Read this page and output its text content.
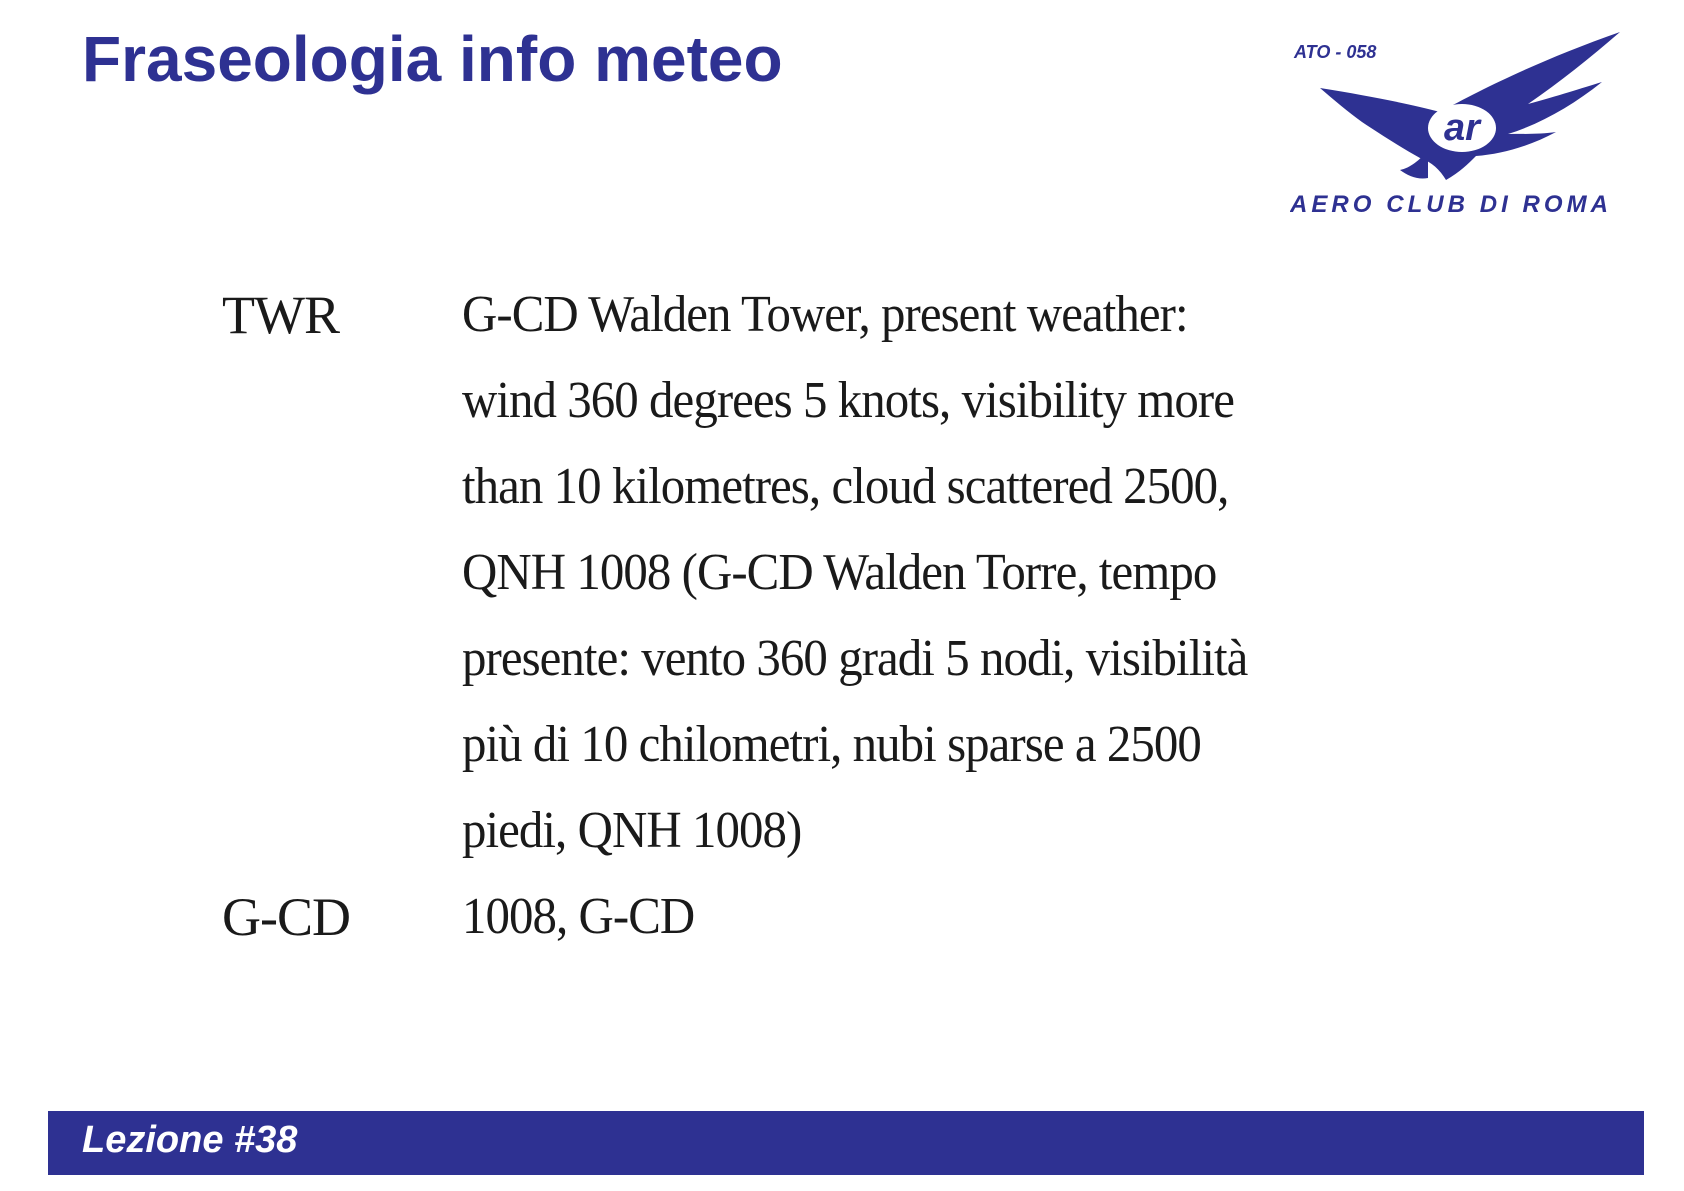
Fraseologia info meteo
ar
ATO - 058
AERO CLUB DI ROMA
TWR	G-CD Walden Tower, present weather:
wind 360 degrees 5 knots, visibility more
than 10 kilometres, cloud scattered 2500,
QNH 1008 (G-CD Walden Torre, tempo
presente: vento 360 gradi 5 nodi, visibilità
più di 10 chilometri, nubi sparse a 2500
piedi, QNH 1008)
G-CD	1008, G-CD
Lezione #38
